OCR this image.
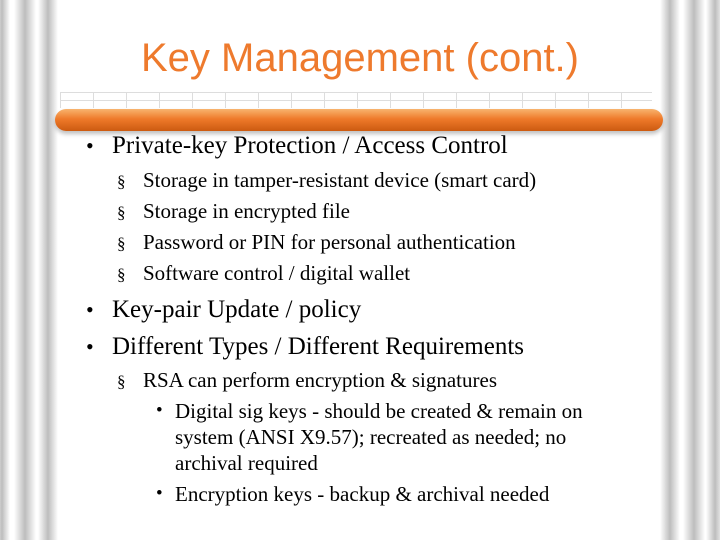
Key Management (cont.)
• Private-key Protection / Access Control
§ Storage in tamper-resistant device (smart card)
§ Storage in encrypted file
§ Password or PIN for personal authentication
§ Software control / digital wallet
• Key-pair Update / policy
• Different Types / Different Requirements
§ RSA can perform encryption & signatures
• Digital sig keys - should be created & remain on
system (ANSI X9.57); recreated as needed; no
archival required
• Encryption keys - backup & archival needed
